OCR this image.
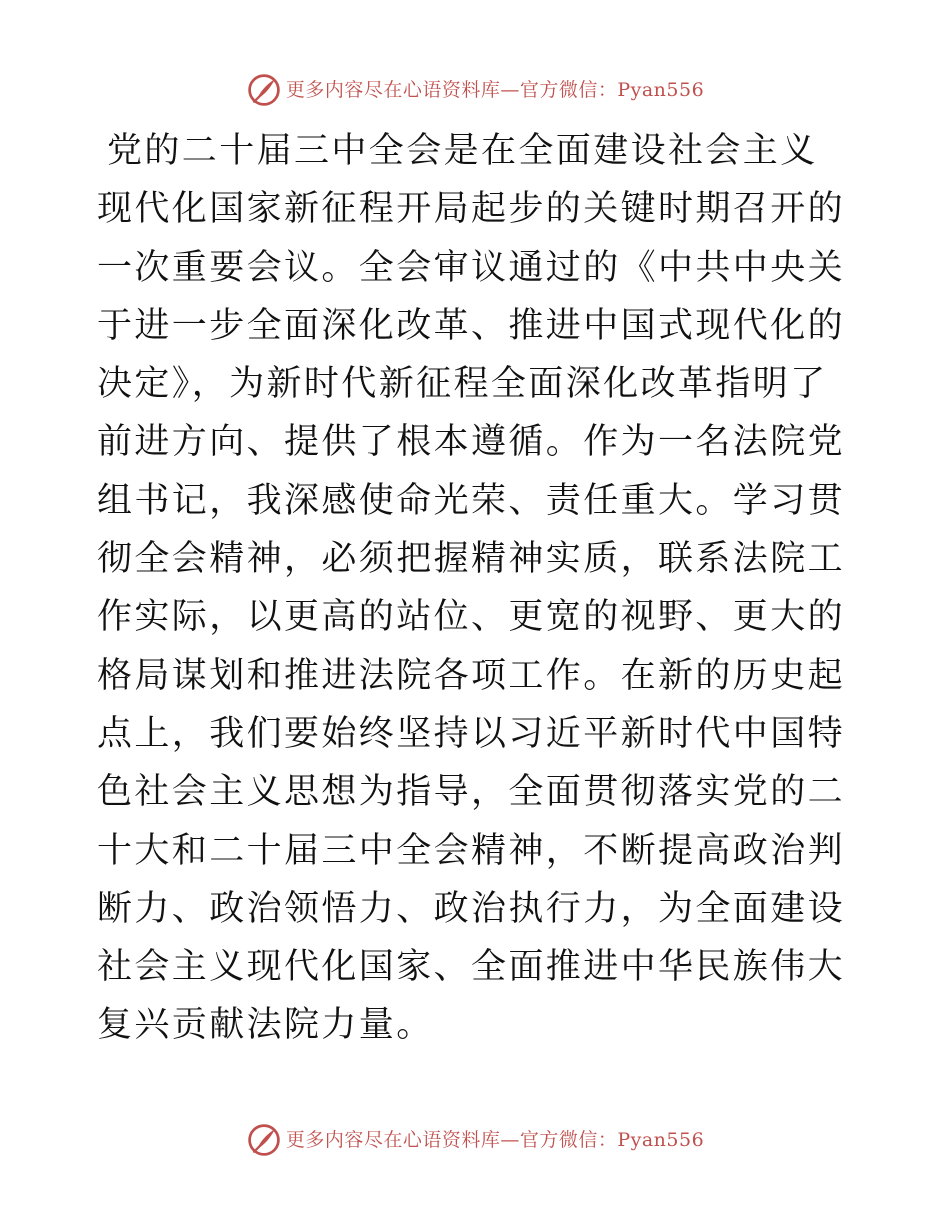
更多内容尽在心语资料库—官方微信：Pyan556

党的二十届三中全会是在全面建设社会主义现代化国家新征程开局起步的关键时期召开的一次重要会议。全会审议通过的《中共中央关于进一步全面深化改革、推进中国式现代化的决定》，为新时代新征程全面深化改革指明了前进方向、提供了根本遵循。作为一名法院党组书记，我深感使命光荣、责任重大。学习贯彻全会精神，必须把握精神实质，联系法院工作实际，以更高的站位、更宽的视野、更大的格局谋划和推进法院各项工作。在新的历史起点上，我们要始终坚持以习近平新时代中国特色社会主义思想为指导，全面贯彻落实党的二十大和二十届三中全会精神，不断提高政治判断力、政治领悟力、政治执行力，为全面建设社会主义现代化国家、全面推进中华民族伟大复兴贡献法院力量。

更多内容尽在心语资料库—官方微信：Pyan556
